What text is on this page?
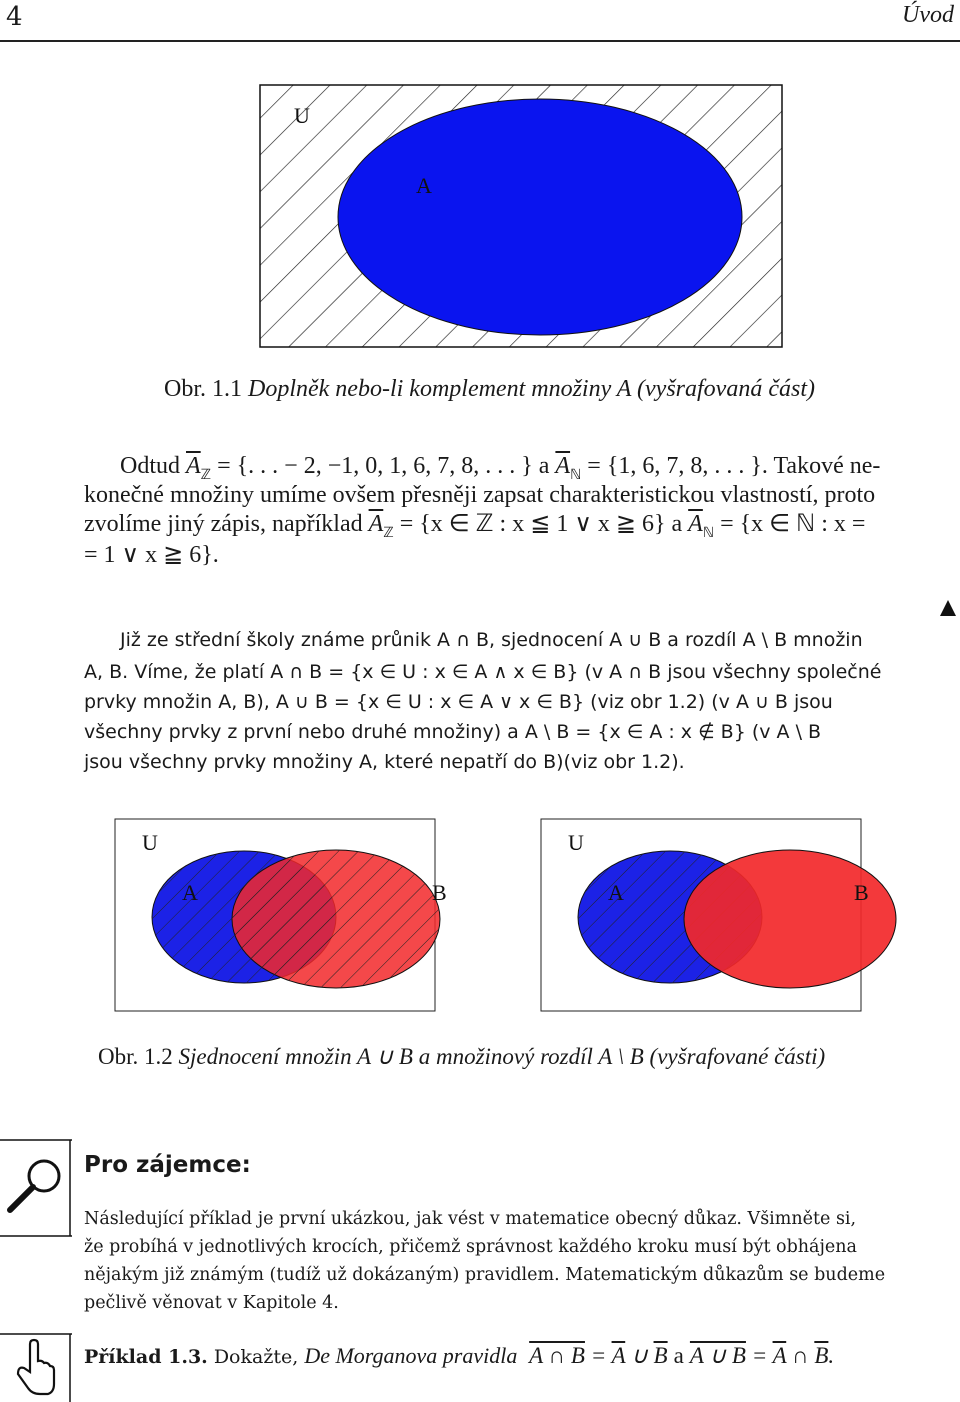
4	Úvod
U
A
Obr. 1.1 Doplněk nebo-li komplement množiny A (vyšrafovaná část)
Odtud $\overline{A}_ℤ$ = {. . . − 2, −1, 0, 1, 6, 7, 8, . . . } a $\overline{A}_ℕ = \{1$, 6, 7, 8, . . . }. Takové ne-
konečné množiny umíme ovšem přesněji zapsat charakteristickou vlastností, proto
zvolíme jiný zápis, například $\overline{A}_ℤ = \{x$ ∈ ℤ : x ≦ 1 ∨ x ≧ 6} a $\overline{A}_ℕ = \{x$ ∈ ℕ : x =
= 1 ∨ x ≧ 6}.
Již ze střední školy známe průnik A ∩ B, sjednocení A ∪ B a rozdíl A \ B množin
A, B. Víme, že platí A ∩ B = {x ∈ U : x ∈ A ∧ x ∈ B} (v A ∩ B jsou všechny společné
prvky množin A, B), A ∪ B = {x ∈ U : x ∈ A ∨ x ∈ B} (viz obr 1.2) (v A ∪ B jsou
všechny prvky z první nebo druhé množiny) a A \ B = {x ∈ A : x ∉ B} (v A \ B
jsou všechny prvky množiny A, které nepatří do B)(viz obr 1.2).
U
A	B
U
A	B
Obr. 1.2 Sjednocení množin A ∪ B a množinový rozdíl A \ B (vyšrafované části)
Pro zájemce:
Následující příklad je první ukázkou, jak vést v matematice obecný důkaz. Všimněte si,
že probíhá v jednotlivých krocích, přičemž správnost každého kroku musí být obhájena
nějakým již známým (tudíž už dokázaným) pravidlem. Matematickým důkazům se budeme
pečlivě věnovat v Kapitole 4.
Příklad 1.3. Dokažte, De Morganova pravidla A ∩ $B = \overline{A}$ ∪ $\overline{B}$ a A ∪ $B = \overline{A}$ ∩ $\overline{B}$.
